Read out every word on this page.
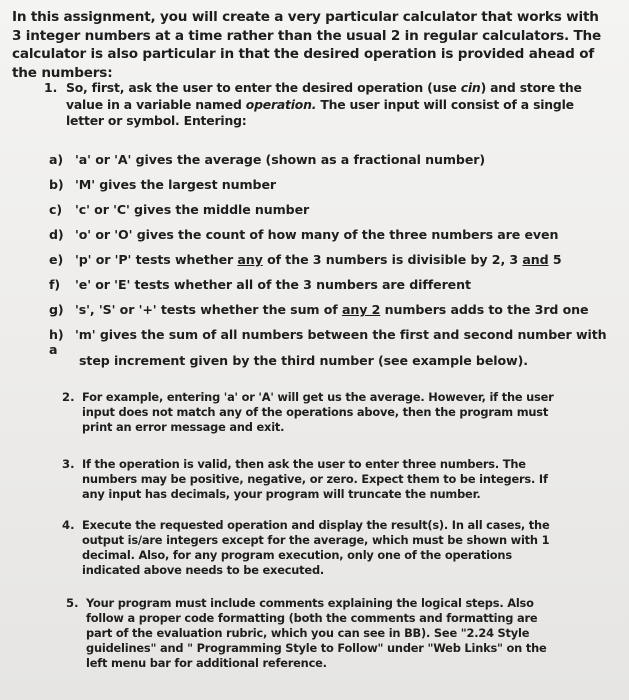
In this assignment, you will create a very particular calculator that works with 3 integer numbers at a time rather than the usual 2 in regular calculators. The calculator is also particular in that the desired operation is provided ahead of the numbers:
1. So, first, ask the user to enter the desired operation (use cin) and store the value in a variable named operation. The user input will consist of a single letter or symbol. Entering:
a) 'a' or 'A' gives the average (shown as a fractional number)
b) 'M' gives the largest number
c) 'c' or 'C' gives the middle number
d) 'o' or 'O' gives the count of how many of the three numbers are even
e) 'p' or 'P' tests whether any of the 3 numbers is divisible by 2, 3 and 5
f) 'e' or 'E' tests whether all of the 3 numbers are different
g) 's', 'S' or '+' tests whether the sum of any 2 numbers adds to the 3rd one
h) 'm' gives the sum of all numbers between the first and second number with a
step increment given by the third number (see example below).
2. For example, entering 'a' or 'A' will get us the average. However, if the user input does not match any of the operations above, then the program must print an error message and exit.
3. If the operation is valid, then ask the user to enter three numbers. The numbers may be positive, negative, or zero. Expect them to be integers. If any input has decimals, your program will truncate the number.
4. Execute the requested operation and display the result(s). In all cases, the output is/are integers except for the average, which must be shown with 1 decimal. Also, for any program execution, only one of the operations indicated above needs to be executed.
5. Your program must include comments explaining the logical steps. Also follow a proper code formatting (both the comments and formatting are part of the evaluation rubric, which you can see in BB). See "2.24 Style guidelines" and " Programming Style to Follow" under "Web Links" on the left menu bar for additional reference.
